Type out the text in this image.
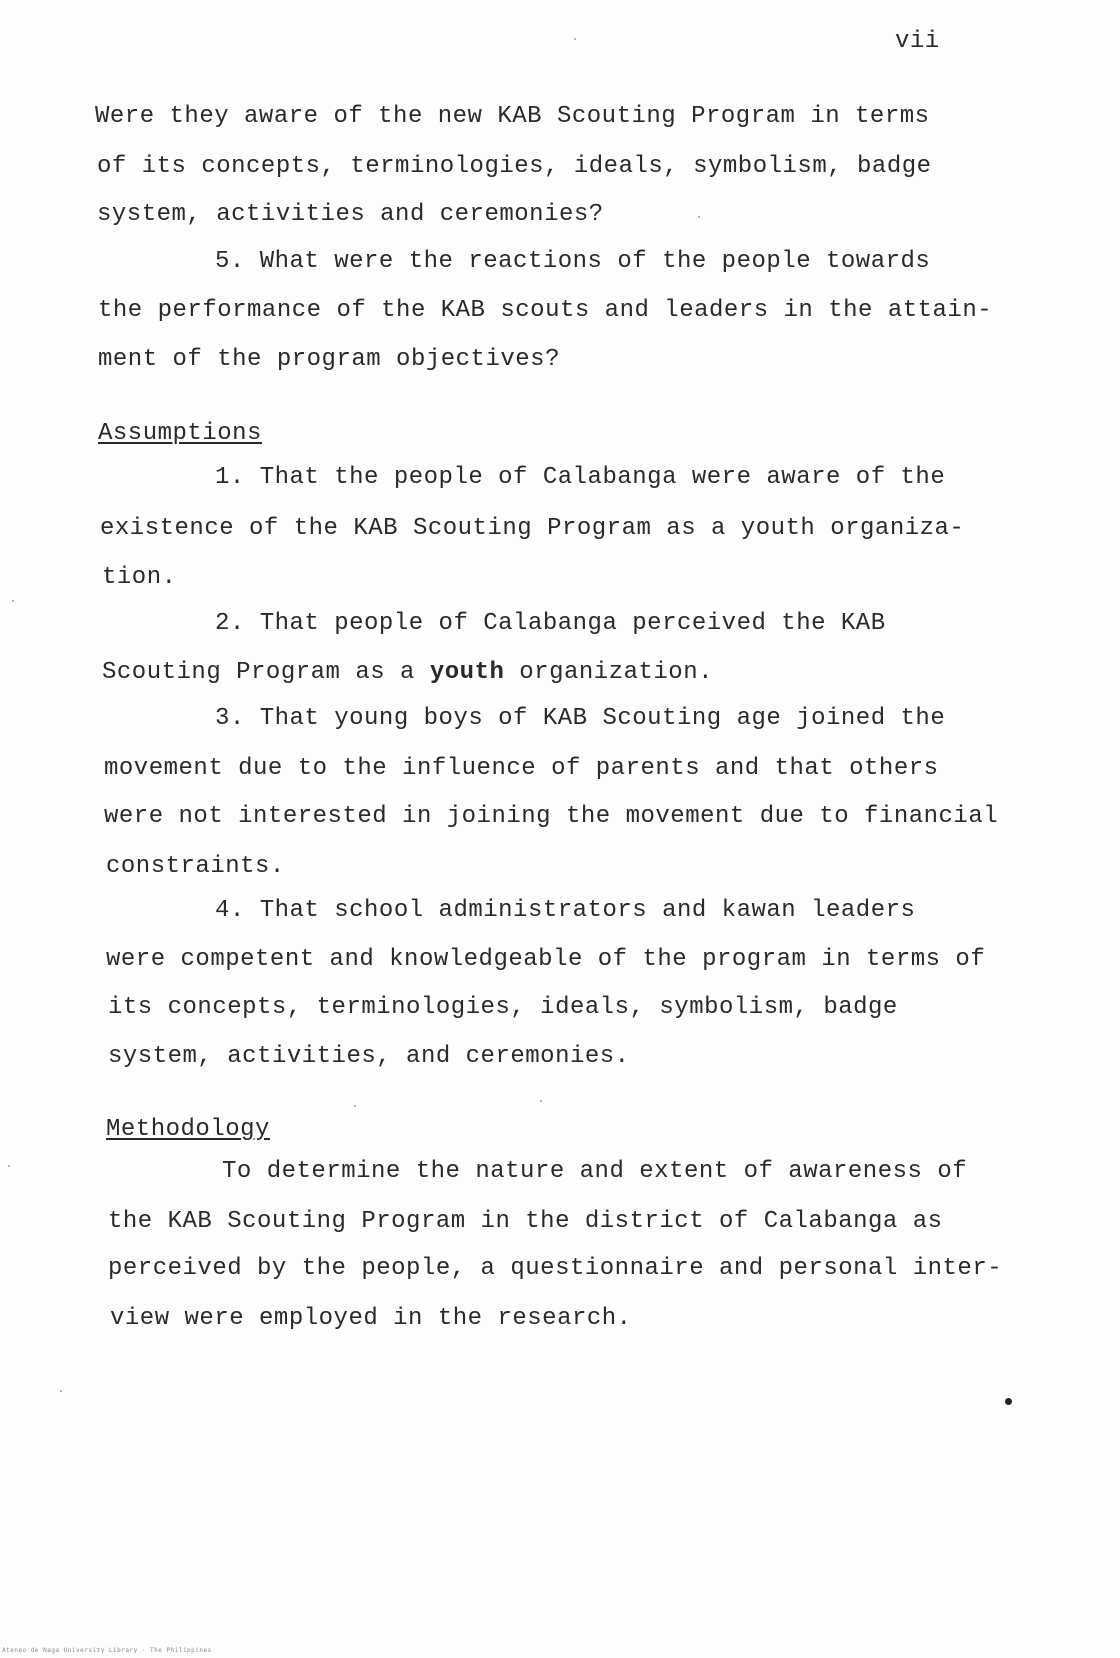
vii
Were they aware of the new KAB Scouting Program in terms
of its concepts, terminologies, ideals, symbolism, badge
system, activities and ceremonies?
5. What were the reactions of the people towards
the performance of the KAB scouts and leaders in the attain-
ment of the program objectives?
Assumptions
1. That the people of Calabanga were aware of the
existence of the KAB Scouting Program as a youth organiza-
tion.
2. That people of Calabanga perceived the KAB
Scouting Program as a youth organization.
3. That young boys of KAB Scouting age joined the
movement due to the influence of parents and that others
were not interested in joining the movement due to financial
constraints.
4. That school administrators and kawan leaders
were competent and knowledgeable of the program in terms of
its concepts, terminologies, ideals, symbolism, badge
system, activities, and ceremonies.
Methodology
To determine the nature and extent of awareness of
the KAB Scouting Program in the district of Calabanga as
perceived by the people, a questionnaire and personal inter-
view were employed in the research.
Ateneo de Naga University Library · The Philippines
